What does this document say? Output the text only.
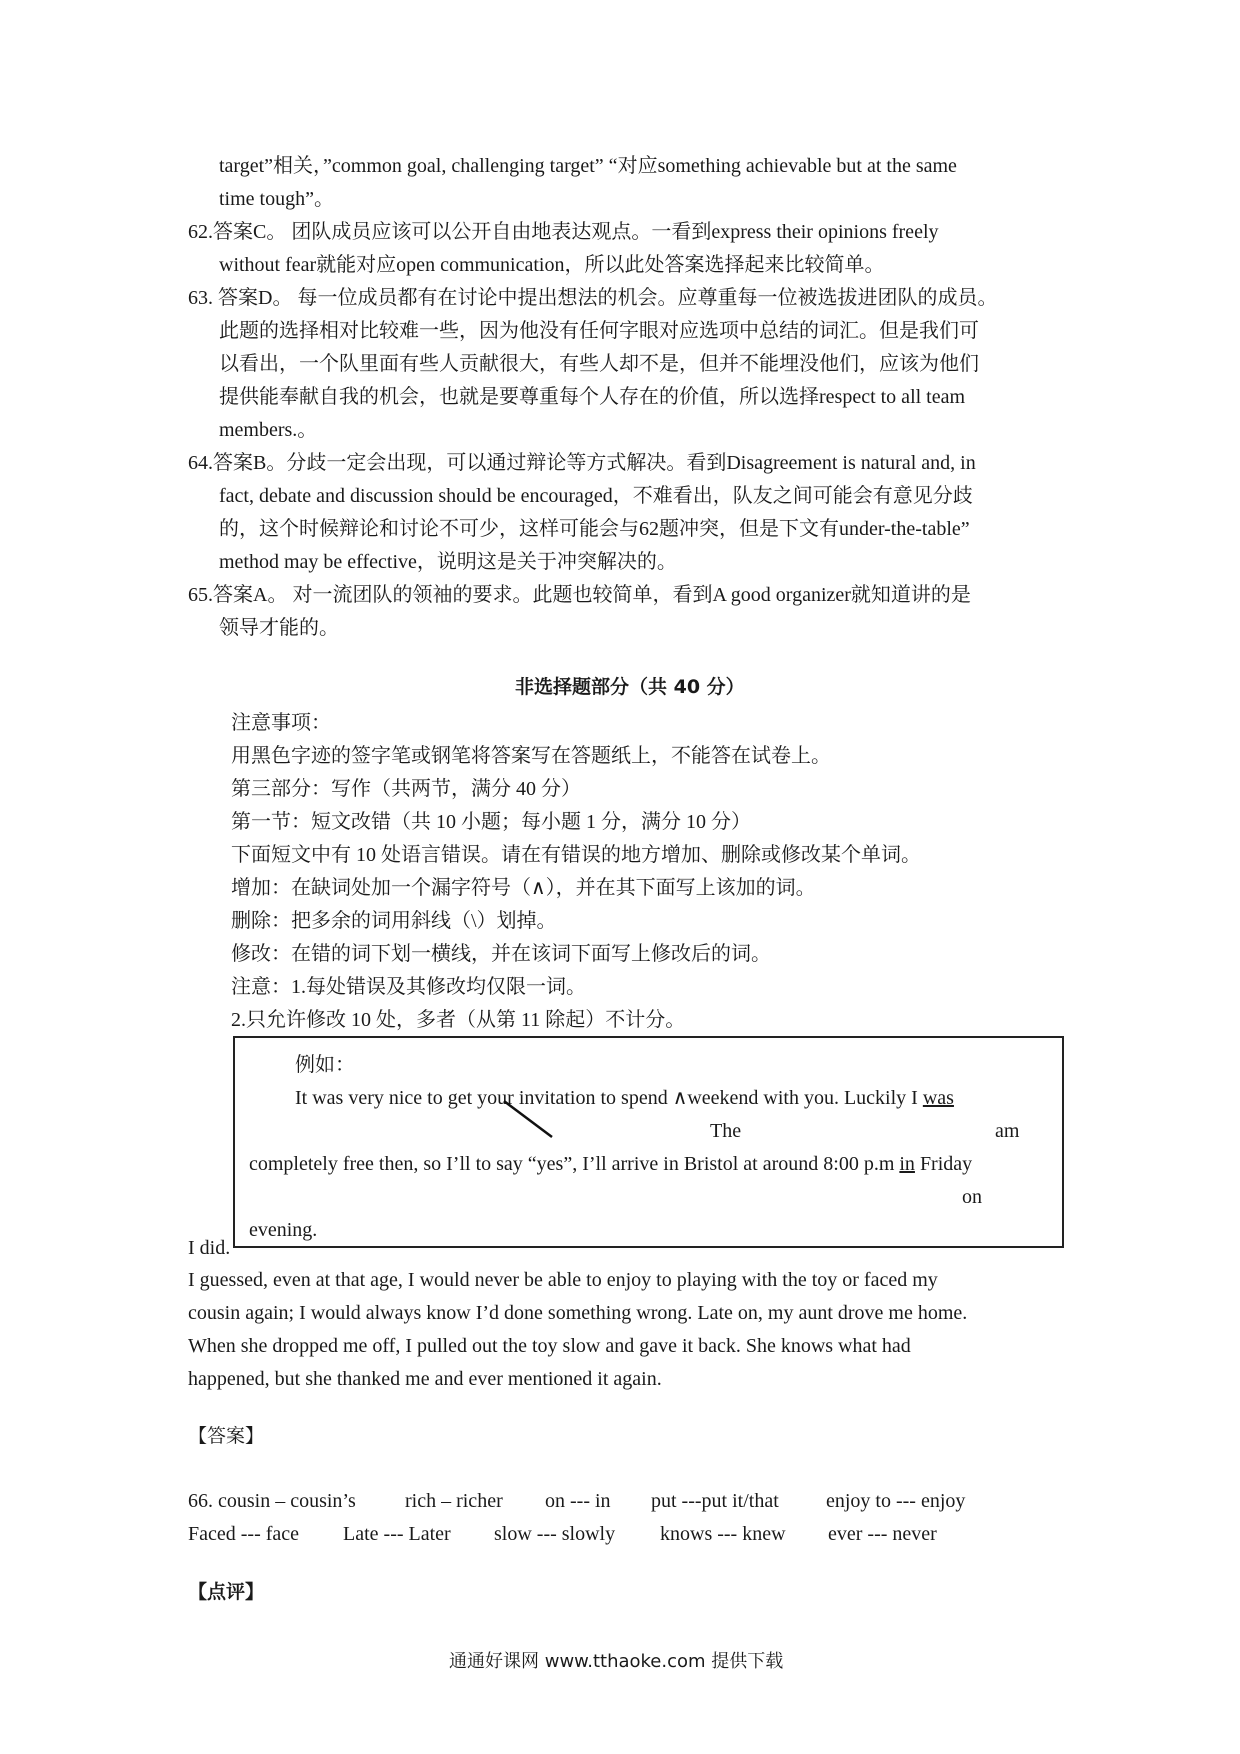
target”相关，”common goal, challenging target” “对应something achievable but at the same
time tough”。
62.答案C。 团队成员应该可以公开自由地表达观点。一看到express their opinions freely
without fear就能对应open communication，所以此处答案选择起来比较简单。
63. 答案D。 每一位成员都有在讨论中提出想法的机会。应尊重每一位被选拔进团队的成员。
此题的选择相对比较难一些，因为他没有任何字眼对应选项中总结的词汇。但是我们可
以看出，一个队里面有些人贡献很大，有些人却不是，但并不能埋没他们，应该为他们
提供能奉献自我的机会，也就是要尊重每个人存在的价值，所以选择respect to all team
members.。
64.答案B。分歧一定会出现，可以通过辩论等方式解决。看到Disagreement is natural and, in
fact, debate and discussion should be encouraged，不难看出，队友之间可能会有意见分歧
的，这个时候辩论和讨论不可少，这样可能会与62题冲突，但是下文有under-the-table”
method may be effective，说明这是关于冲突解决的。
65.答案A。 对一流团队的领袖的要求。此题也较简单，看到A good organizer就知道讲的是
领导才能的。
非选择题部分（共 40 分）
注意事项：
用黑色字迹的签字笔或钢笔将答案写在答题纸上，不能答在试卷上。
第三部分：写作（共两节，满分 40 分）
第一节：短文改错（共 10 小题；每小题 1 分，满分 10 分）
下面短文中有 10 处语言错误。请在有错误的地方增加、删除或修改某个单词。
增加：在缺词处加一个漏字符号（∧），并在其下面写上该加的词。
删除：把多余的词用斜线（\）划掉。
修改：在错的词下划一横线，并在该词下面写上修改后的词。
注意：1.每处错误及其修改均仅限一词。
2.只允许修改 10 处，多者（从第 11 除起）不计分。
I did.
例如：
It was very nice to get your invitation to spend ∧weekend with you. Luckily I was
The	am
completely free then, so I’ll to say “yes”, I’ll arrive in Bristol at around 8:00 p.m in Friday
on
evening.
I guessed, even at that age, I would never be able to enjoy to playing with the toy or faced my
cousin again; I would always know I’d done something wrong. Late on, my aunt drove me home.
When she dropped me off, I pulled out the toy slow and gave it back. She knows what had
happened, but she thanked me and ever mentioned it again.
【答案】
66. cousin – cousin’s rich – richer on --- in put ---put it/that enjoy to --- enjoy
Faced --- face Late --- Later slow --- slowly knows --- knew ever --- never
【点评】
通通好课网 www.tthaoke.com 提供下载
